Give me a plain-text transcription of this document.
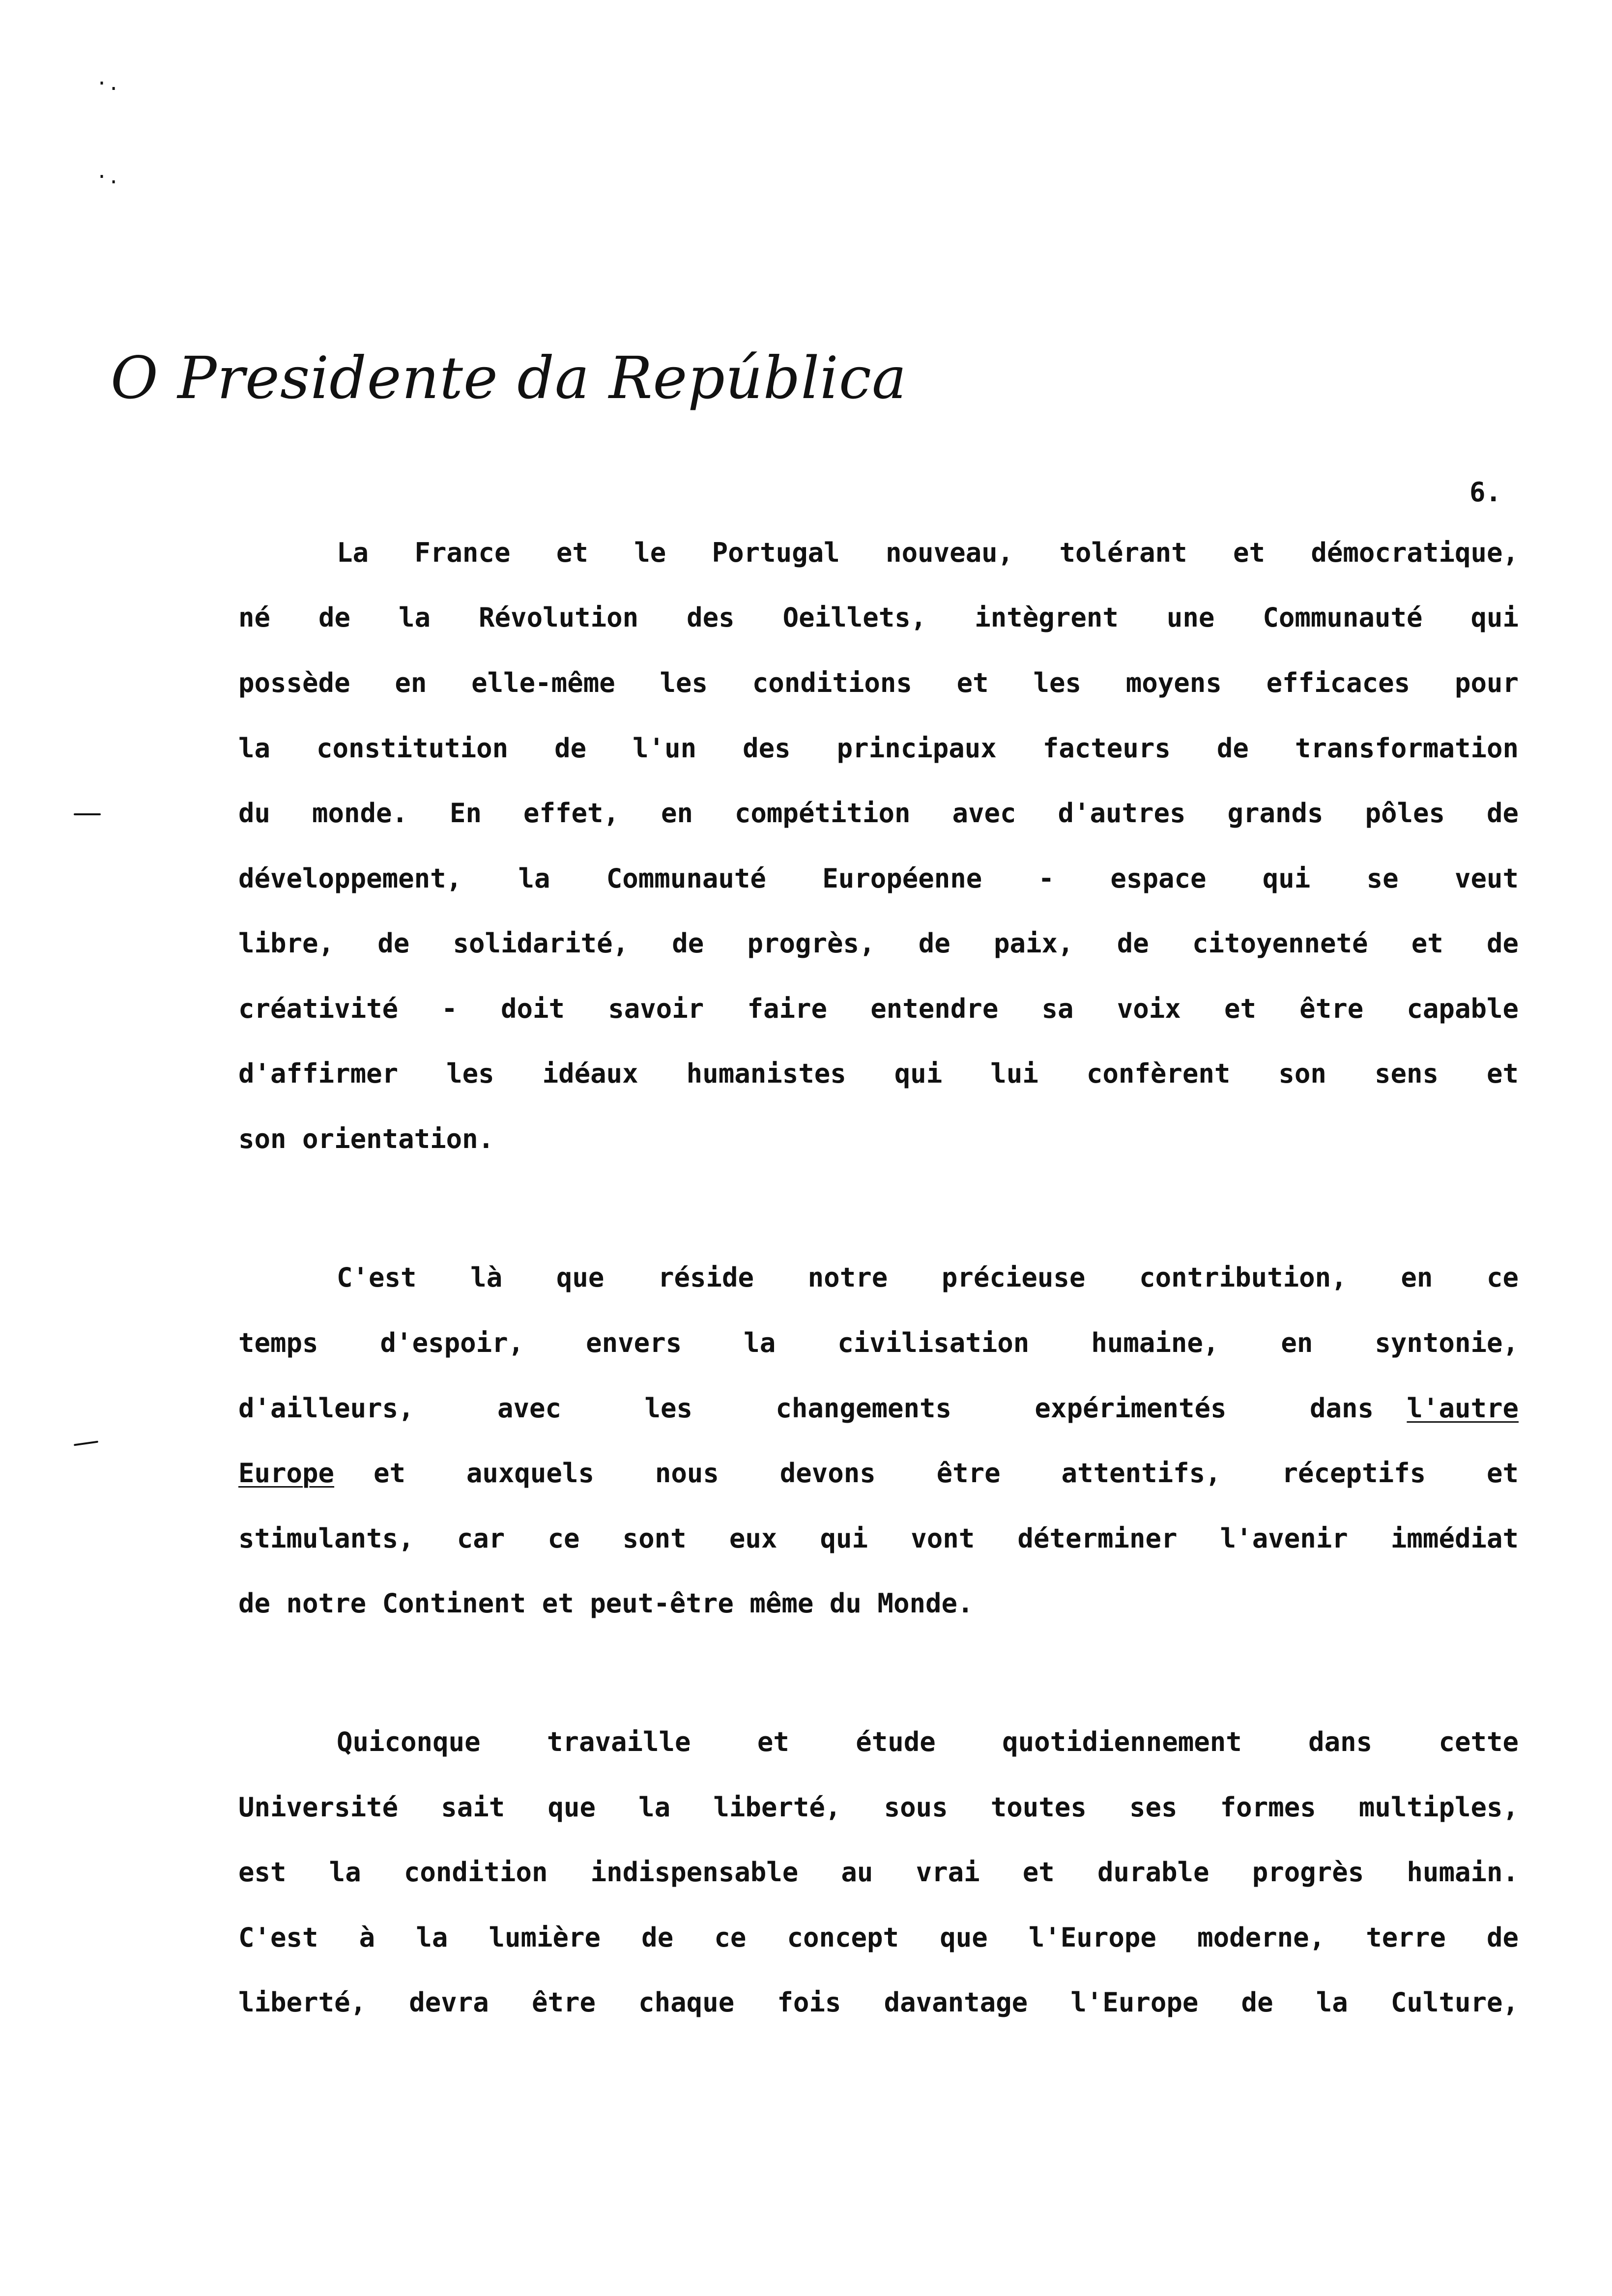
·.
·.
O Presidente da República
6.
La France et le Portugal nouveau, tolérant et démocratique,
né de la Révolution des Oeillets, intègrent une Communauté qui
possède en elle-même les conditions et les moyens efficaces pour
la constitution de l'un des principaux facteurs de transformation
du monde. En effet, en compétition avec d'autres grands pôles de
développement, la Communauté Européenne - espace qui se veut
libre, de solidarité, de progrès, de paix, de citoyenneté et de
créativité - doit savoir faire entendre sa voix et être capable
d'affirmer les idéaux humanistes qui lui confèrent son sens et
son orientation.
C'est là que réside notre précieuse contribution, en ce
temps d'espoir, envers la civilisation humaine, en syntonie,
d'ailleurs, avec les changements expérimentés dans	l'autre
Europe	et auxquels nous devons être attentifs, réceptifs et
stimulants, car ce sont eux qui vont déterminer l'avenir immédiat
de notre Continent et peut-être même du Monde.
Quiconque travaille et étude quotidiennement dans cette
Université sait que la liberté, sous toutes ses formes multiples,
est la condition indispensable au vrai et durable progrès humain.
C'est à la lumière de ce concept que l'Europe moderne, terre de
liberté, devra être chaque fois davantage l'Europe de la Culture,
